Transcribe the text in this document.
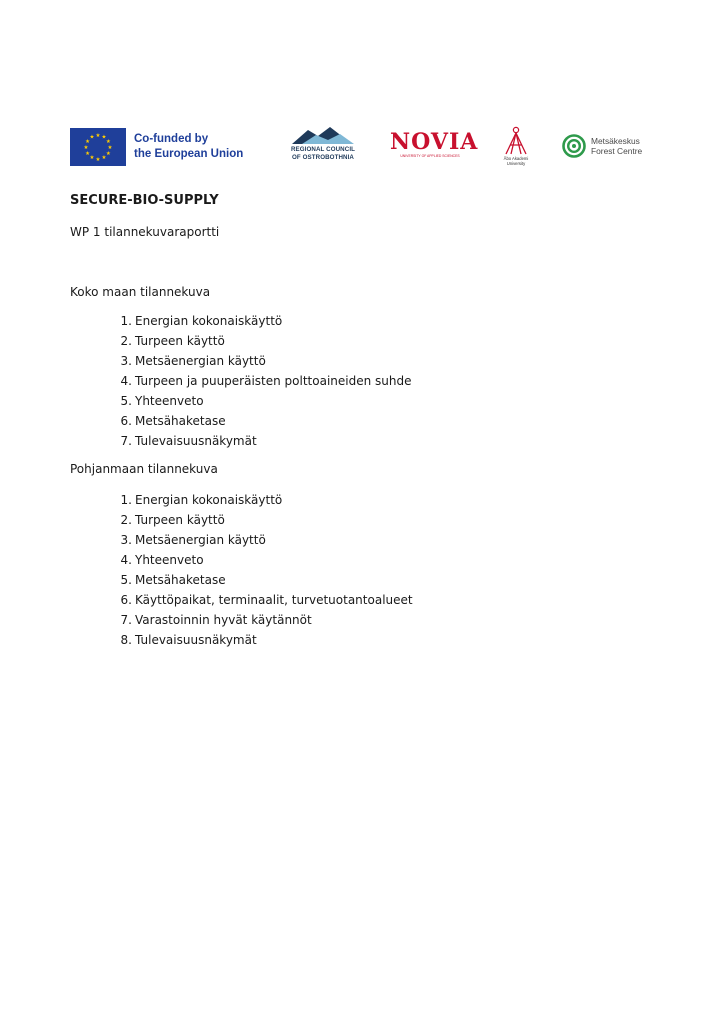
★ ★
★
★
★
★
★
★
★
★
★
★	Co-funded by
the European Union	REGIONAL COUNCIL
OF OSTROBOTHNIA
NOVIA
UNIVERSITY OF APPLIED SCIENCES	Åbo Akademi
University
Metsäkeskus
Forest Centre
SECURE-BIO-SUPPLY

WP 1 tilannekuvaraportti

Koko maan tilannekuva

1. Energian kokonaiskäyttö
2. Turpeen käyttö
3. Metsäenergian käyttö
4. Turpeen ja puuperäisten polttoaineiden suhde
5. Yhteenveto
6. Metsähaketase
7. Tulevaisuusnäkymät

Pohjanmaan tilannekuva

1. Energian kokonaiskäyttö
2. Turpeen käyttö
3. Metsäenergian käyttö
4. Yhteenveto
5. Metsähaketase
6. Käyttöpaikat, terminaalit, turvetuotantoalueet
7. Varastoinnin hyvät käytännöt
8. Tulevaisuusnäkymät
